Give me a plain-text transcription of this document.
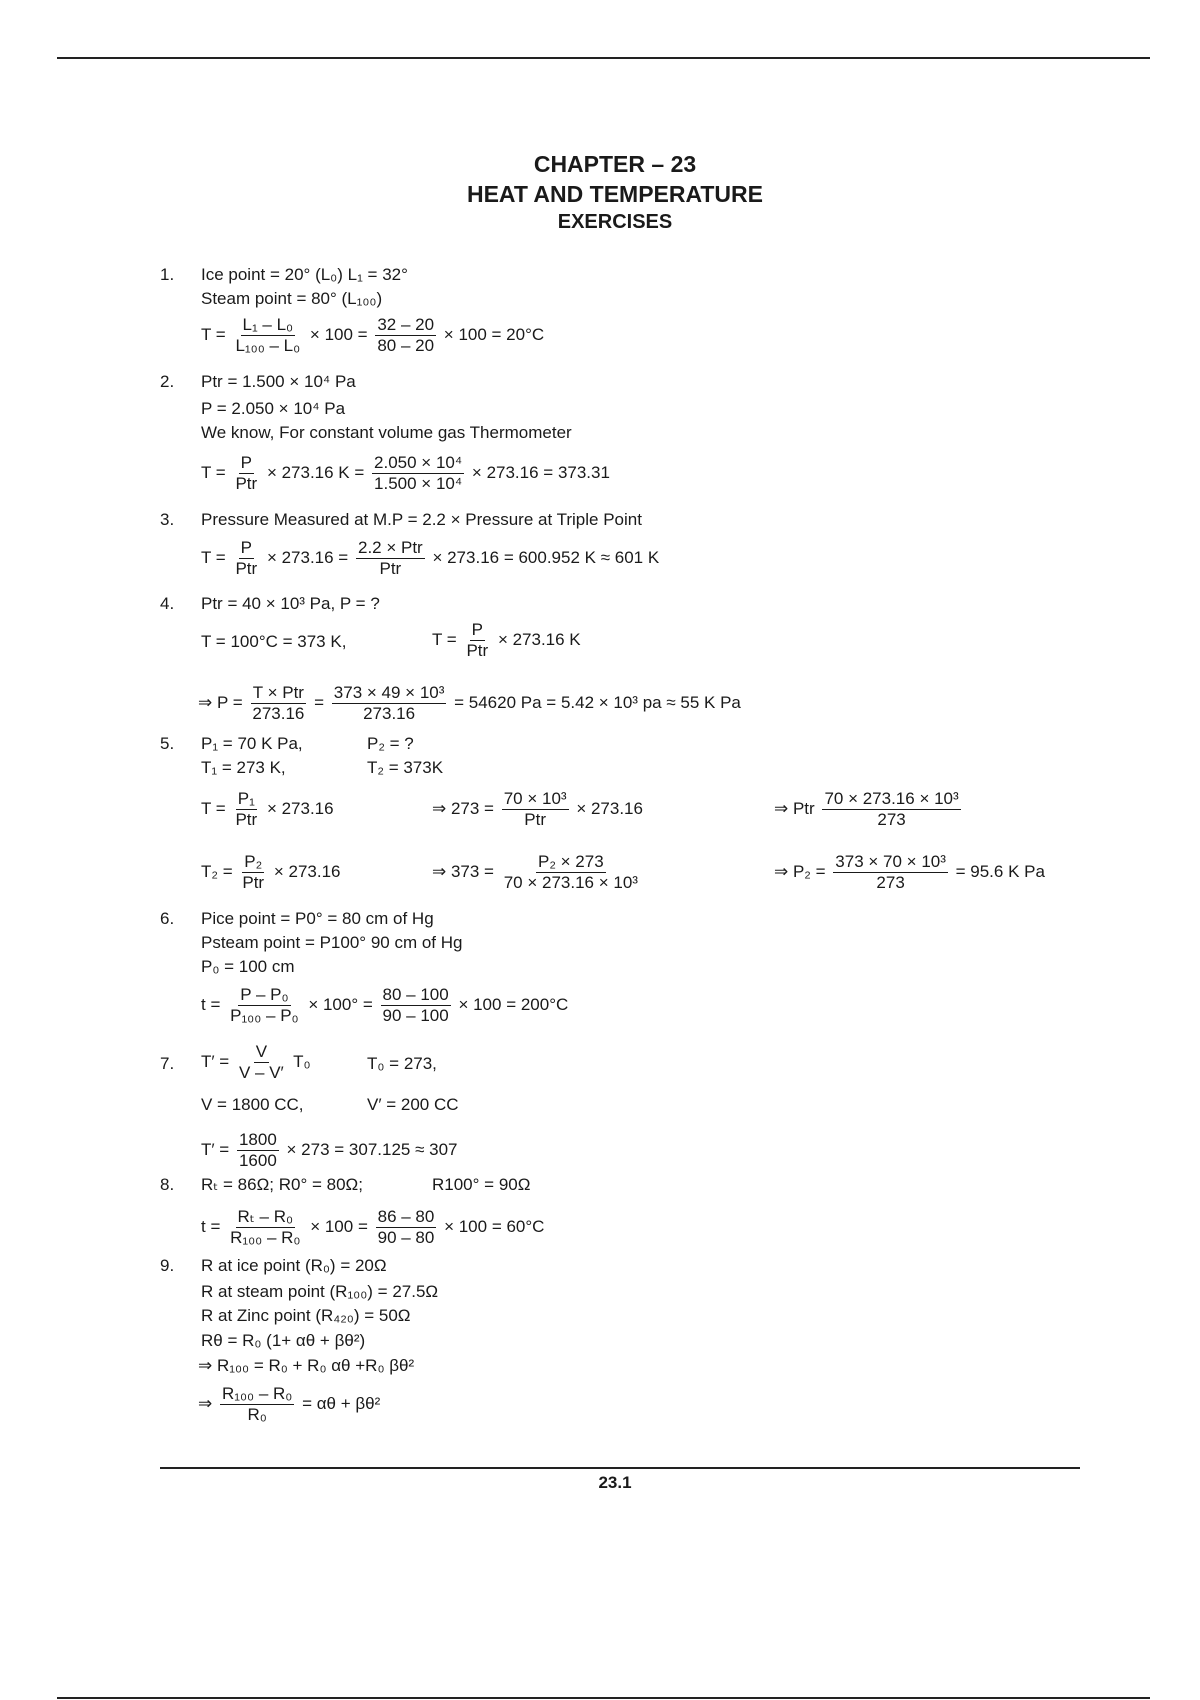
CHAPTER – 23
HEAT AND TEMPERATURE
EXERCISES
1. Ice point = 20° (L₀) L₁ = 32°
Steam point = 80° (L₁₀₀)
$T = \frac{\text{L₁ – L₀}}{\text{L₁₀₀ – L₀}} \times 100 = \frac{32 - 20}{80 - 20} \times 100 = 20^\circ C$
2. Ptr = 1.500 × 10⁴ Pa
P = 2.050 × 10⁴ Pa
We know, For constant volume gas Thermometer
$T = \frac{P}{\text{Ptr}} \times 273.16$ $K = \frac{\text{2.050 × 10⁴}}{\text{1.500 × 10⁴}} \times 273.16 = 373.31$
3. Pressure Measured at M.P = 2.2 × Pressure at Triple Point
$T = \frac{P}{\text{Ptr}} \times 273.16 = \frac{\text{2.2 × Ptr}}{\text{Ptr}} \times 273.16 = 600.952$ K ≈ 601 K
4. Ptr = 40 × 10³ Pa, P = ?
T = 100°C = 373 K,	$T = \frac{P}{\text{Ptr}} \times 273.16$ K
⇒ $P = \frac{\text{T × Ptr}}{273.16} = \frac{\text{373 × 49 × 10³}}{273.16} = 54620$ Pa = 5.42 × 10³ pa ≈ 55 K Pa
5. P₁ = 70 K Pa,	P₂ = ?
T₁ = 273 K,	T₂ = 373K
$T = \frac{\text{P₁}}{\text{Ptr}} \times 273.16$	⇒ $273 = \frac{\text{70 × 10³}}{\text{Ptr}} \times 273.16$	⇒ Ptr $\frac{\text{70 × 273.16 × 10³}}{273}$
$T_2 = \frac{\text{P₂}}{\text{Ptr}} \times 273.16$	⇒ $373 = \frac{\text{P₂ × 273}}{\text{70 × 273.16 × 10³}}$	⇒ $P_2 = \frac{\text{373 × 70 × 10³}}{273} = 95.6$ K Pa
6. Pice point = P0° = 80 cm of Hg
Psteam point = P100° 90 cm of Hg
P₀ = 100 cm
$t = \frac{\text{P – P₀}}{\text{P₁₀₀ – P₀}} \times 100^\circ = \frac{80 - 100}{90 - 100} \times 100 = 200^\circ C$
7. $T' = \frac{V}{V - V'} T_0$	T₀ = 273,
V = 1800 CC,	V′ = 200 CC
$T' = \frac{1800}{1600} \times 273 = 307.125 \approx 307$
8. Rₜ = 86Ω; R0° = 80Ω;	R100° = 90Ω
$t = \frac{\text{Rₜ – R₀}}{\text{R₁₀₀ – R₀}} \times 100 = \frac{86 - 80}{90 - 80} \times 100 = 60^\circ C$
9. R at ice point (R₀) = 20Ω
R at steam point (R₁₀₀) = 27.5Ω
R at Zinc point (R₄₂₀) = 50Ω
Rθ = R₀ (1+ αθ + βθ²)
⇒ R₁₀₀ = R₀ + R₀ αθ +R₀ βθ²
⇒ $\frac{\text{R₁₀₀ – R₀}}{\text{R₀}} = \alpha\theta + \beta\theta^2$
23.1
